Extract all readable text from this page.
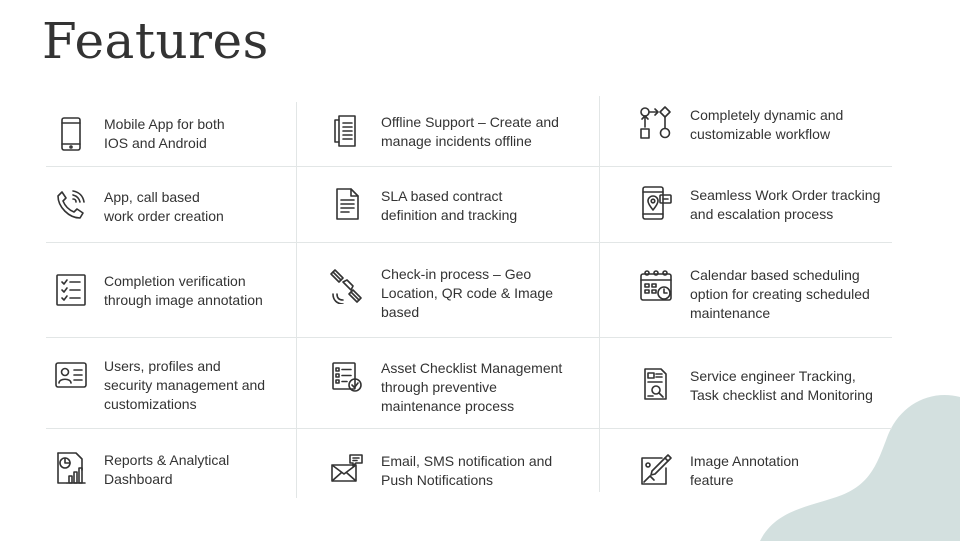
Features
Mobile App for both
IOS and Android
Offline Support – Create and
manage incidents offline
Completely dynamic and
customizable workflow
App, call based
work order creation
SLA based contract
definition and tracking
Seamless Work Order tracking
and escalation process
Completion verification
through image annotation
Check-in process – Geo
Location, QR code & Image
based
Calendar based scheduling
option for creating scheduled
maintenance
Users, profiles and
security management and
customizations
Asset Checklist Management
through preventive
maintenance process
Service engineer Tracking,
Task checklist and Monitoring
Reports & Analytical
Dashboard
Email, SMS notification and
Push Notifications
Image Annotation
feature
